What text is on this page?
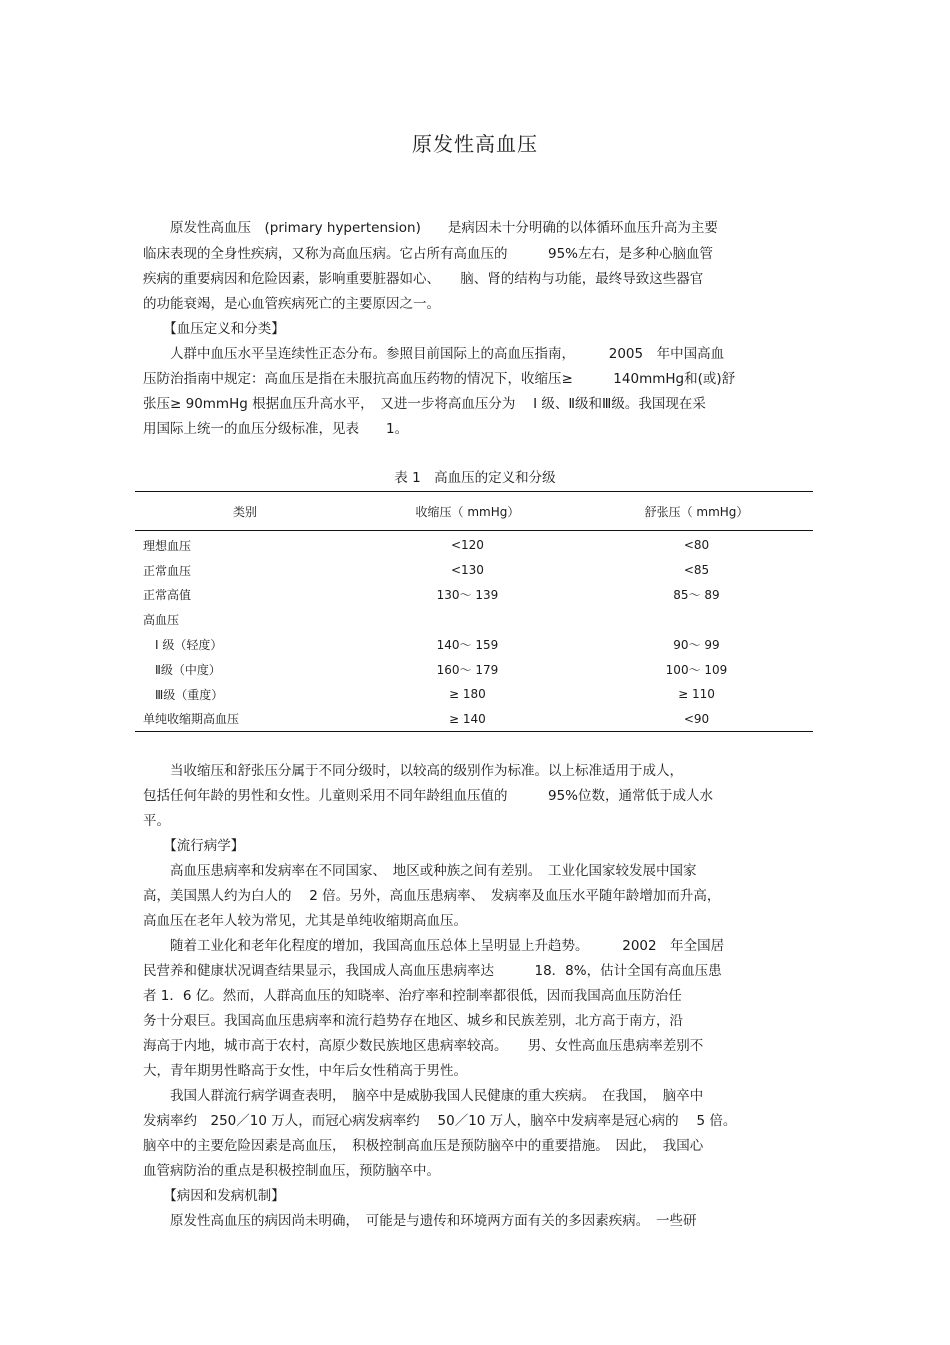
原发性高血压
　　原发性高血压　(primary hypertension)　　是病因未十分明确的以体循环血压升高为主要
临床表现的全身性疾病，又称为高血压病。它占所有高血压的　　　95%左右，是多种心脑血管
疾病的重要病因和危险因素，影响重要脏器如心、　　脑、肾的结构与功能，最终导致这些器官
的功能衰竭，是心血管疾病死亡的主要原因之一。
　　【血压定义和分类】
　　人群中血压水平呈连续性正态分布。参照目前国际上的高血压指南，　　　2005　年中国高血
压防治指南中规定：高血压是指在未服抗高血压药物的情况下，收缩压≥　　　140mmHg和(或)舒
张压≥ 90mmHg 根据血压升高水平，　又进一步将高血压分为　 Ⅰ 级、Ⅱ级和Ⅲ级。我国现在采
用国际上统一的血压分级标准，见表　　1。
表 1　高血压的定义和分级
类别	收缩压（ mmHg）	舒张压（ mmHg）
理想血压	<120	<80
正常血压	<130	<85
正常高值	130～ 139	85～ 89
高血压		
　Ⅰ 级（轻度）	140～ 159	90～ 99
　Ⅱ级（中度）	160～ 179	100～ 109
　Ⅲ级（重度）	≥ 180	≥ 110
单纯收缩期高血压	≥ 140	<90
　　当收缩压和舒张压分属于不同分级时，以较高的级别作为标准。以上标准适用于成人，
包括任何年龄的男性和女性。儿童则采用不同年龄组血压值的　　　95%位数，通常低于成人水
平。
　　【流行病学】
　　高血压患病率和发病率在不同国家、　地区或种族之间有差别。　工业化国家较发展中国家
高，美国黑人约为白人的　 2 倍。另外，高血压患病率、　发病率及血压水平随年龄增加而升高，
高血压在老年人较为常见，尤其是单纯收缩期高血压。
　　随着工业化和老年化程度的增加，我国高血压总体上呈明显上升趋势。　　　2002　年全国居
民营养和健康状况调查结果显示，我国成人高血压患病率达　　　18．8%，估计全国有高血压患
者 1．6 亿。然而，人群高血压的知晓率、治疗率和控制率都很低，因而我国高血压防治任
务十分艰巨。我国高血压患病率和流行趋势存在地区、城乡和民族差别，北方高于南方，沿
海高于内地，城市高于农村，高原少数民族地区患病率较高。　　男、女性高血压患病率差别不
大，青年期男性略高于女性，中年后女性稍高于男性。
　　我国人群流行病学调查表明，　脑卒中是威胁我国人民健康的重大疾病。　在我国，　脑卒中
发病率约　250／10 万人，而冠心病发病率约　 50／10 万人，脑卒中发病率是冠心病的　 5 倍。
脑卒中的主要危险因素是高血压，　积极控制高血压是预防脑卒中的重要措施。　因此，　我国心
血管病防治的重点是积极控制血压，预防脑卒中。
　　【病因和发病机制】
　　原发性高血压的病因尚未明确，　可能是与遗传和环境两方面有关的多因素疾病。　一些研
